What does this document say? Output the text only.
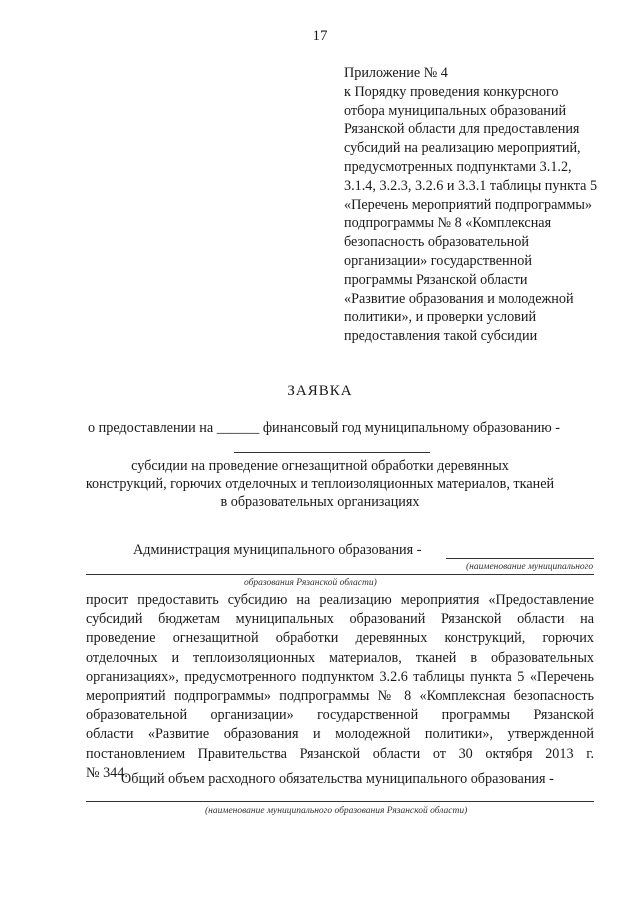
17
Приложение № 4
к Порядку проведения конкурсного
отбора муниципальных образований
Рязанской области для предоставления
субсидий на реализацию мероприятий,
предусмотренных подпунктами 3.1.2,
3.1.4, 3.2.3, 3.2.6 и 3.3.1 таблицы пункта 5
«Перечень мероприятий подпрограммы»
подпрограммы № 8 «Комплексная
безопасность образовательной
организации» государственной
программы Рязанской области
«Развитие образования и молодежной
политики», и проверки условий
предоставления такой субсидии
ЗАЯВКА
о предоставлении на ______ финансовый год муниципальному образованию -
субсидии на проведение огнезащитной обработки деревянных
конструкций, горючих отделочных и теплоизоляционных материалов, тканей
в образовательных организациях
Администрация муниципального образования -
(наименование муниципального
образования Рязанской области)
просит предоставить субсидию на реализацию мероприятия «Предоставление
субсидий бюджетам муниципальных образований Рязанской области на
проведение огнезащитной обработки деревянных конструкций, горючих
отделочных и теплоизоляционных материалов, тканей в образовательных
организациях», предусмотренного подпунктом 3.2.6 таблицы пункта 5 «Перечень
мероприятий подпрограммы» подпрограммы № 8 «Комплексная безопасность
образовательной организации» государственной программы Рязанской
области «Развитие образования и молодежной политики», утвержденной
постановлением Правительства Рязанской области от 30 октября 2013 г.
№ 344.
Общий объем расходного обязательства муниципального образования -
(наименование муниципального образования Рязанской области)
